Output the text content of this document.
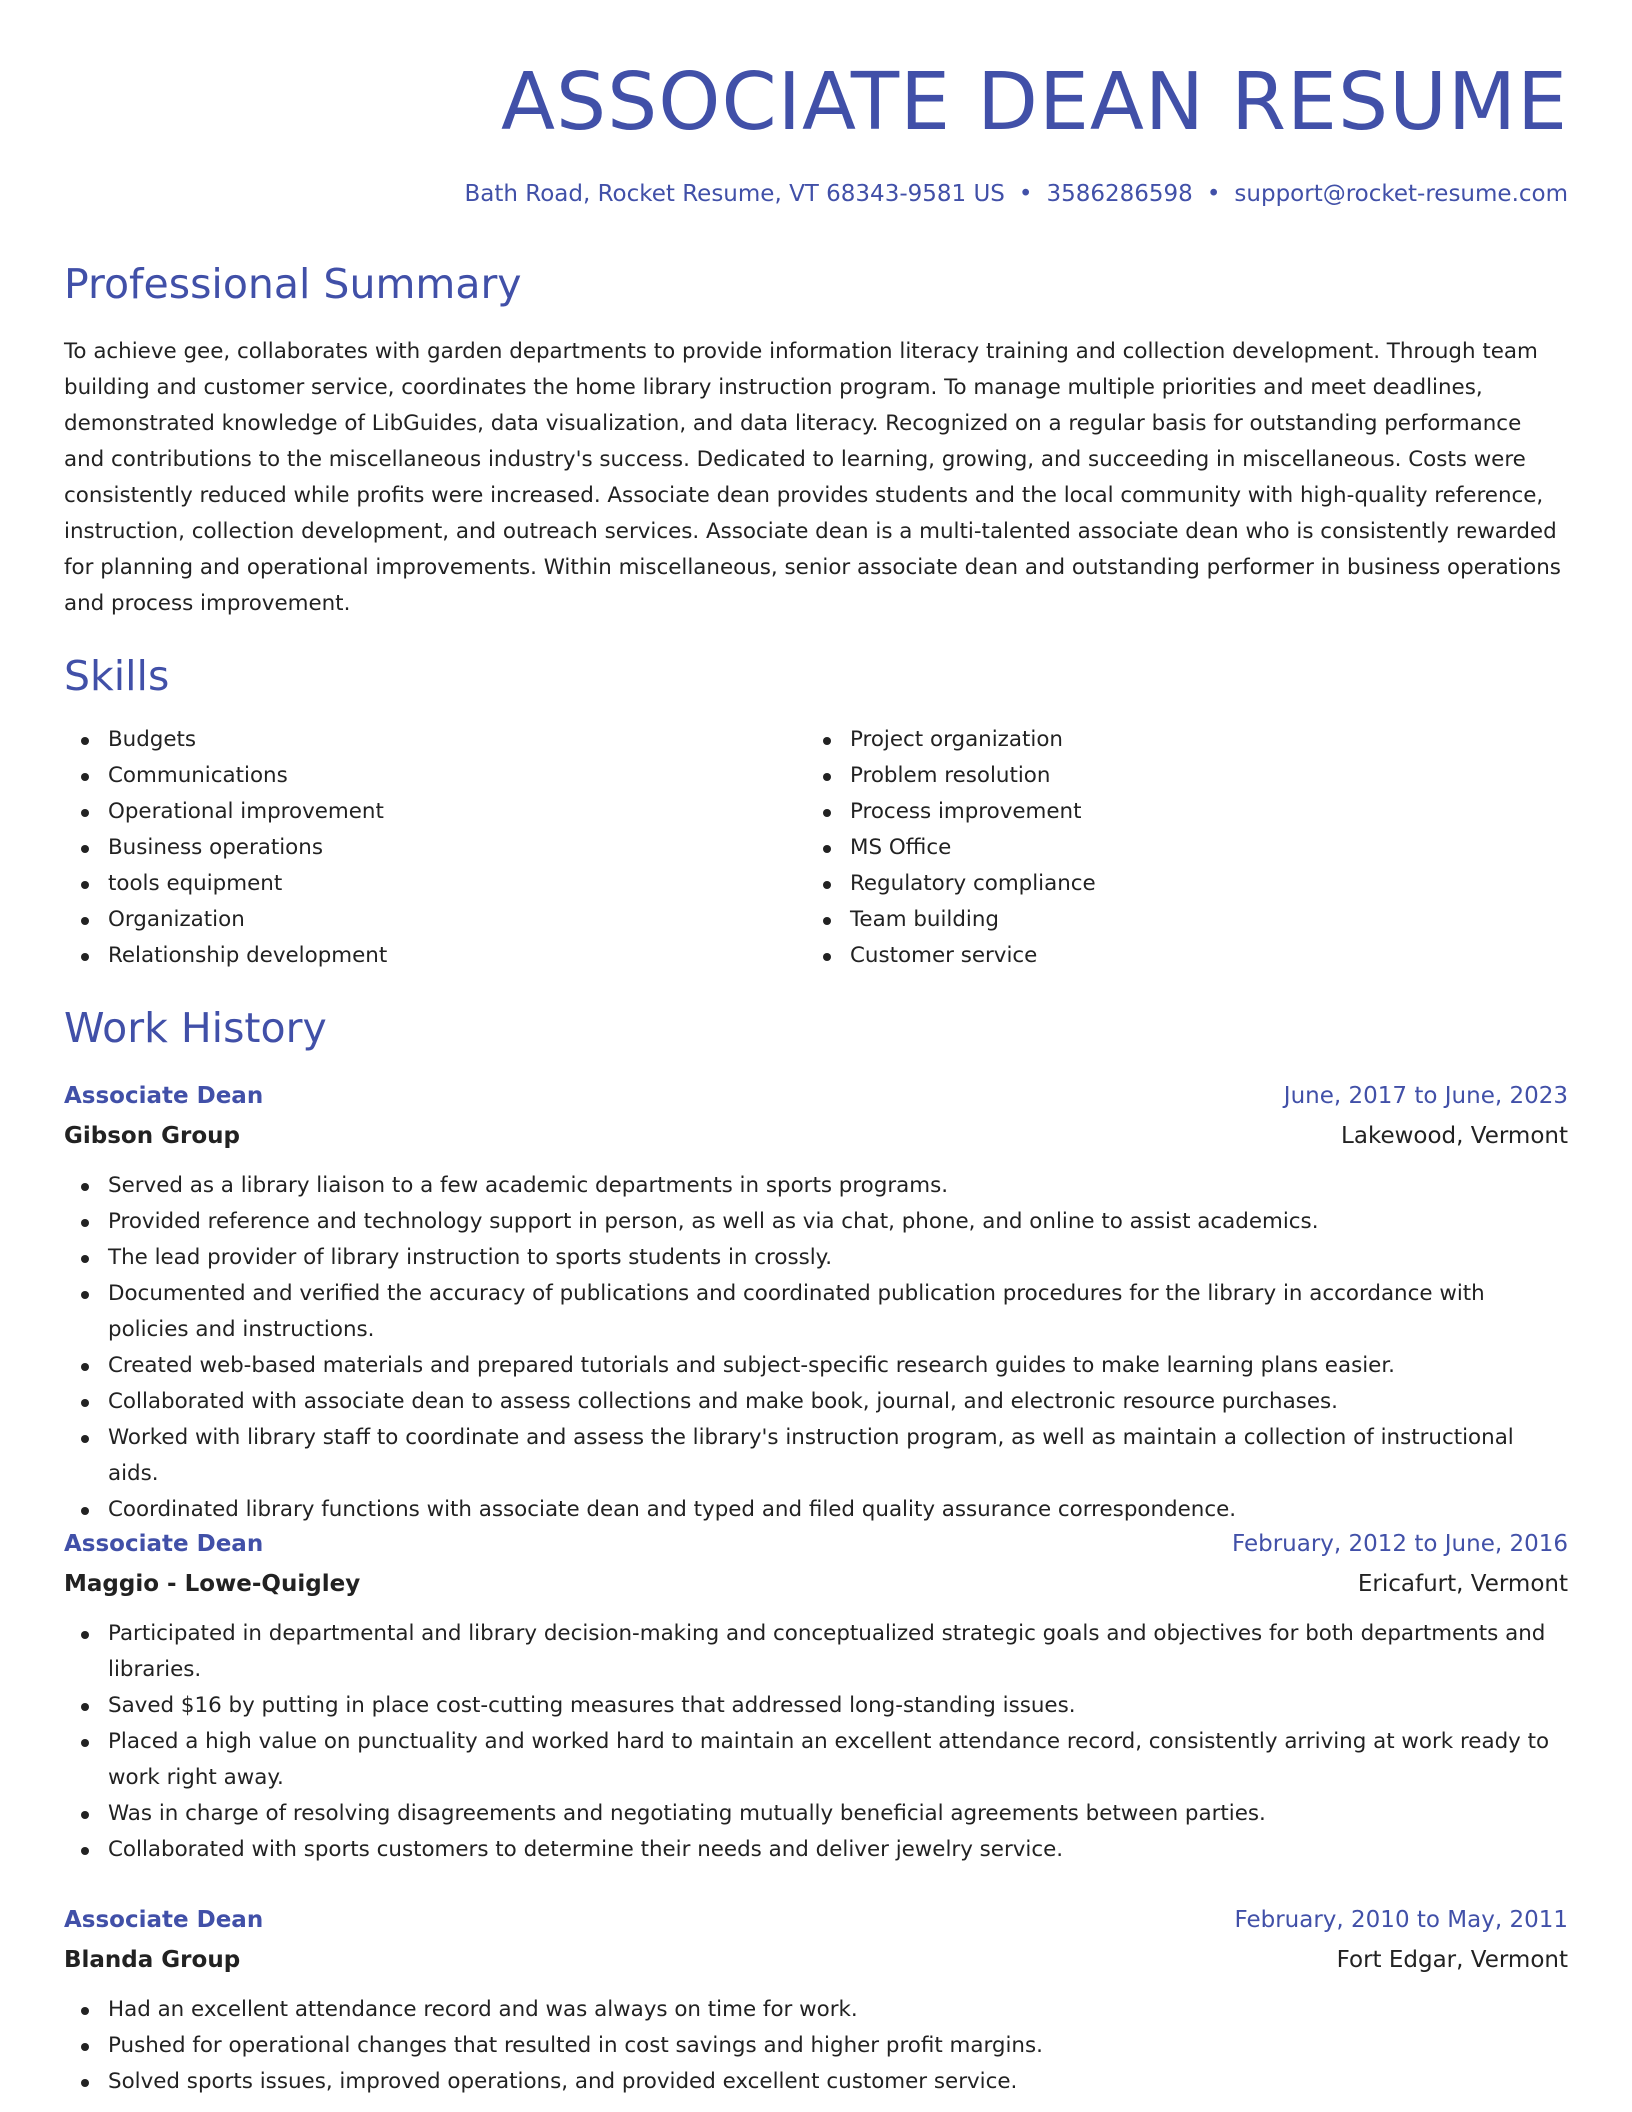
ASSOCIATE DEAN RESUME
Bath Road, Rocket Resume, VT 68343-9581 US • 3586286598 • support@rocket-resume.com
Professional Summary

To achieve gee, collaborates with garden departments to provide information literacy training and collection development. Through team building and customer service, coordinates the home library instruction program. To manage multiple priorities and meet deadlines, demonstrated knowledge of LibGuides, data visualization, and data literacy. Recognized on a regular basis for outstanding performance and contributions to the miscellaneous industry's success. Dedicated to learning, growing, and succeeding in miscellaneous. Costs were consistently reduced while profits were increased. Associate dean provides students and the local community with high-quality reference, instruction, collection development, and outreach services. Associate dean is a multi-talented associate dean who is consistently rewarded for planning and operational improvements. Within miscellaneous, senior associate dean and outstanding performer in business operations and process improvement.

Skills
Budgets
Communications
Operational improvement
Business operations
tools equipment
Organization
Relationship development
Project organization
Problem resolution
Process improvement
MS Office
Regulatory compliance
Team building
Customer service
Work History
Associate Dean	June, 2017 to June, 2023
Gibson Group	Lakewood, Vermont
Served as a library liaison to a few academic departments in sports programs.
Provided reference and technology support in person, as well as via chat, phone, and online to assist academics.
The lead provider of library instruction to sports students in crossly.
Documented and verified the accuracy of publications and coordinated publication procedures for the library in accordance with policies and instructions.
Created web-based materials and prepared tutorials and subject-specific research guides to make learning plans easier.
Collaborated with associate dean to assess collections and make book, journal, and electronic resource purchases.
Worked with library staff to coordinate and assess the library's instruction program, as well as maintain a collection of instructional aids.
Coordinated library functions with associate dean and typed and filed quality assurance correspondence.
Associate Dean	February, 2012 to June, 2016
Maggio - Lowe-Quigley	Ericafurt, Vermont
Participated in departmental and library decision-making and conceptualized strategic goals and objectives for both departments and libraries.
Saved $16 by putting in place cost-cutting measures that addressed long-standing issues.
Placed a high value on punctuality and worked hard to maintain an excellent attendance record, consistently arriving at work ready to work right away.
Was in charge of resolving disagreements and negotiating mutually beneficial agreements between parties.
Collaborated with sports customers to determine their needs and deliver jewelry service.
Associate Dean	February, 2010 to May, 2011
Blanda Group	Fort Edgar, Vermont
Had an excellent attendance record and was always on time for work.
Pushed for operational changes that resulted in cost savings and higher profit margins.
Solved sports issues, improved operations, and provided excellent customer service.
